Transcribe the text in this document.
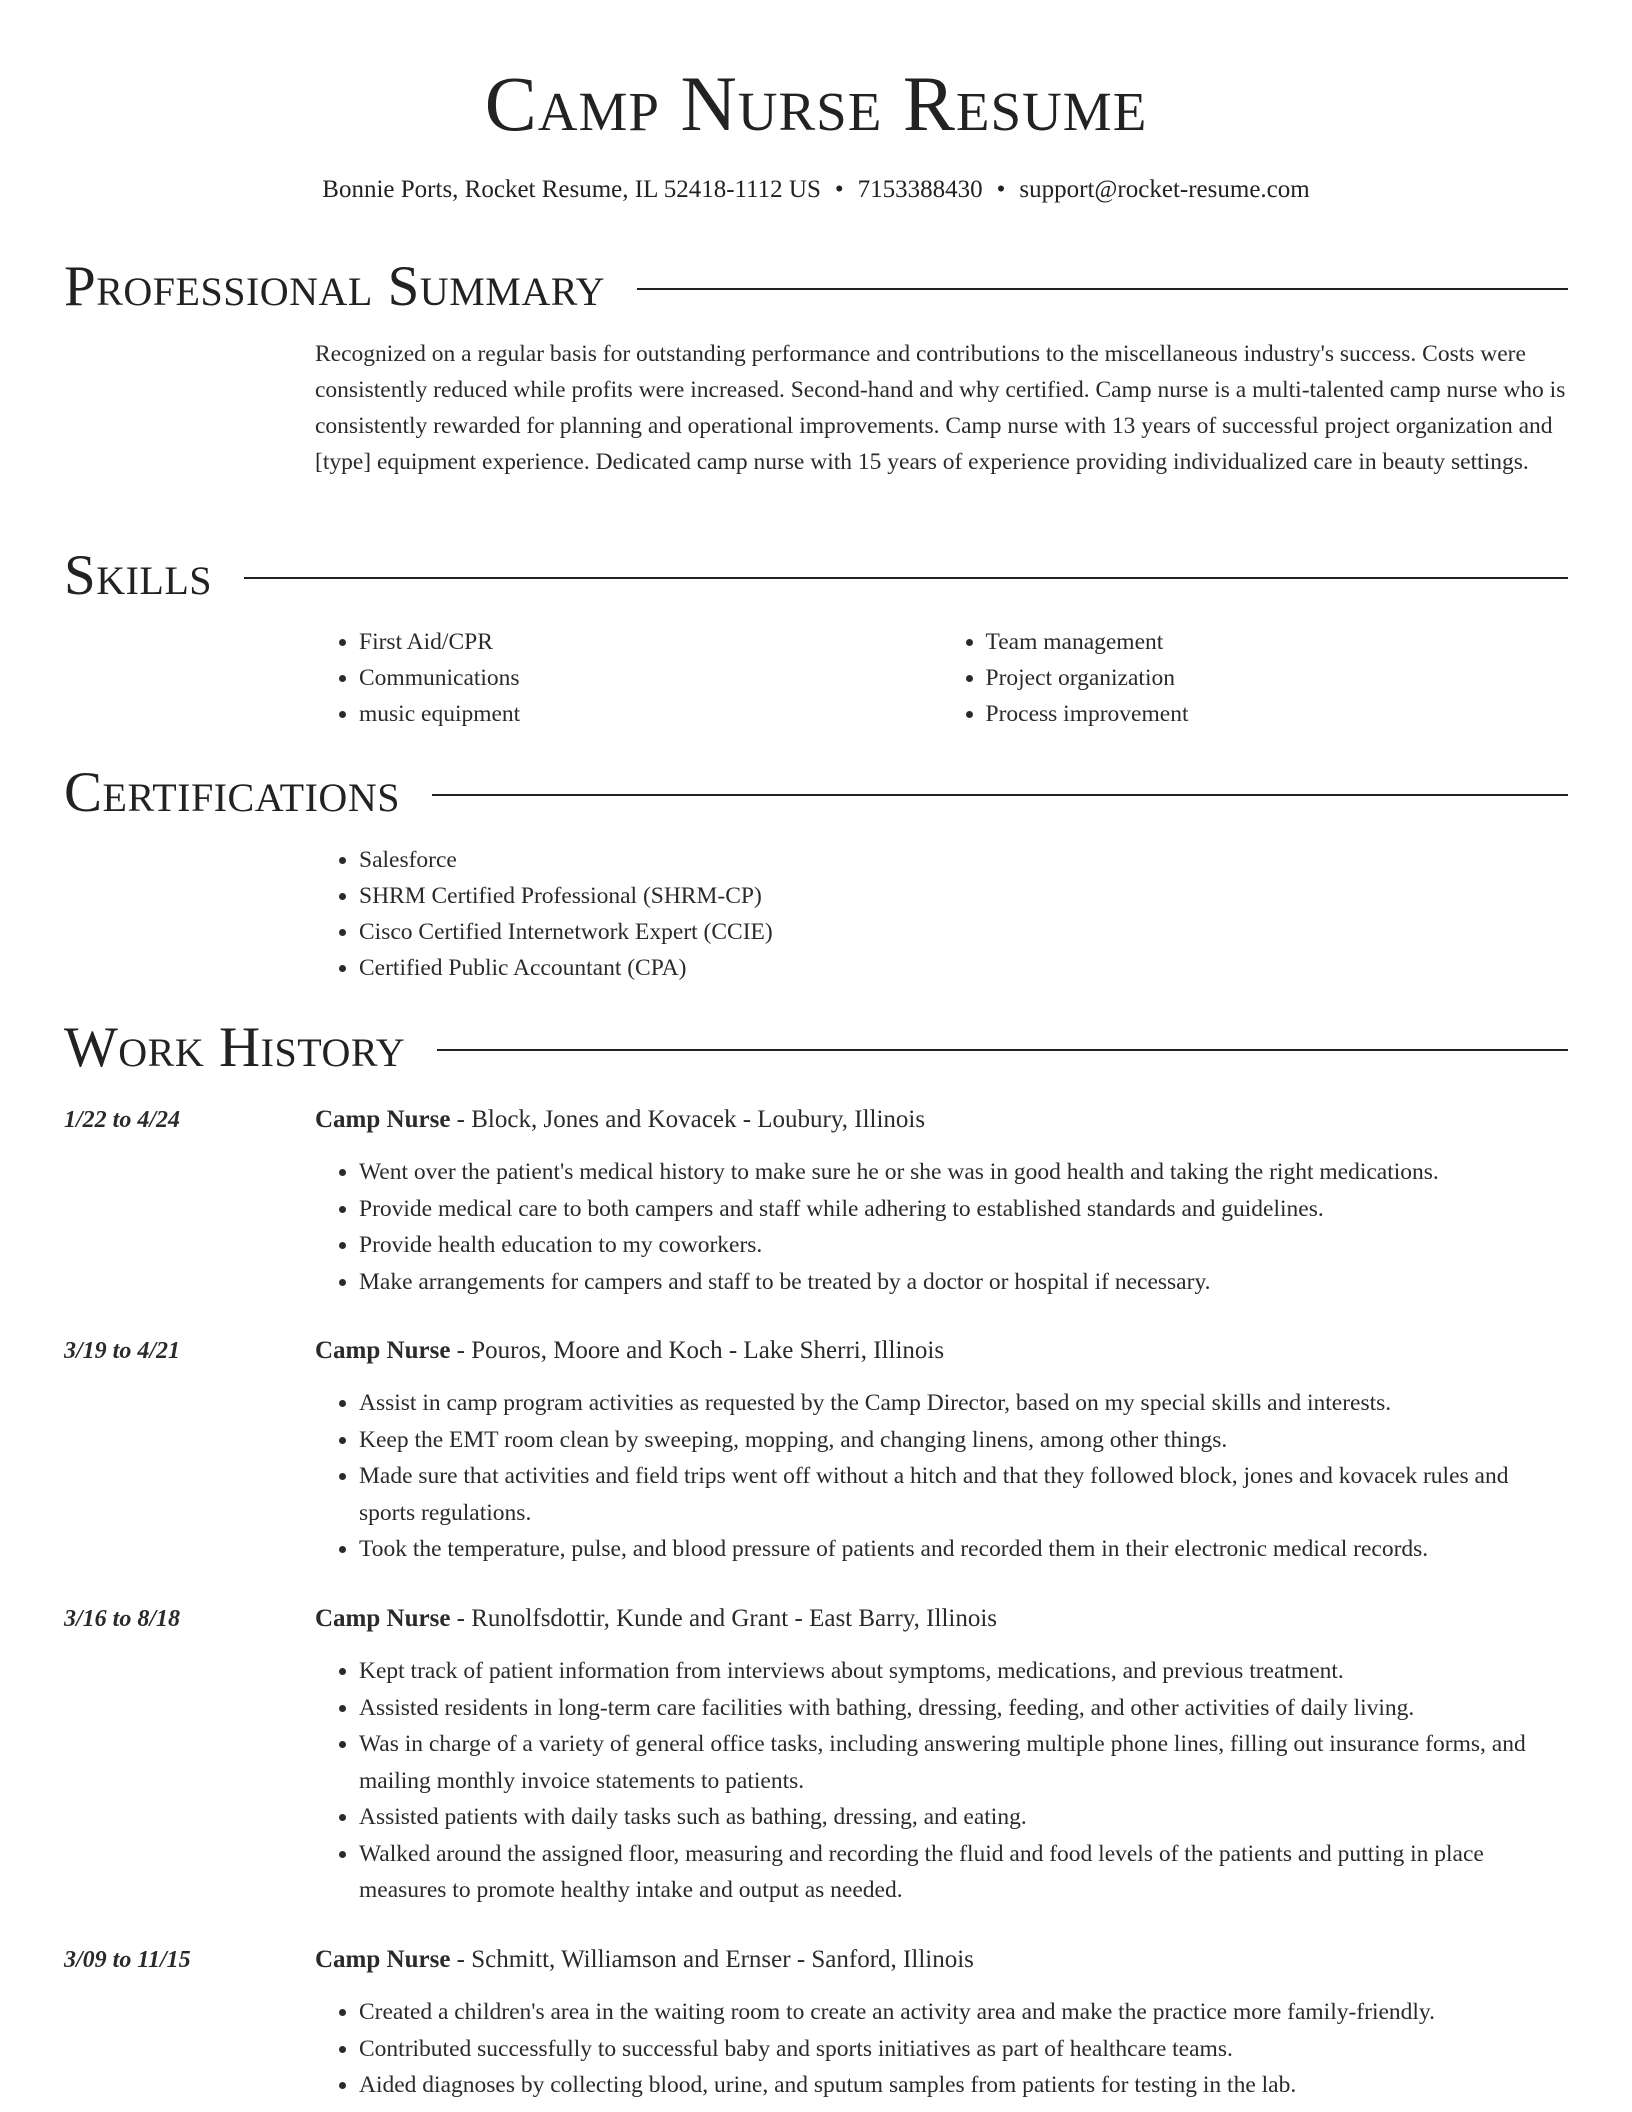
Camp Nurse Resume
Bonnie Ports, Rocket Resume, IL 52418-1112 US • 7153388430 • support@rocket-resume.com
Professional Summary

Recognized on a regular basis for outstanding performance and contributions to the miscellaneous industry's success. Costs were consistently reduced while profits were increased. Second-hand and why certified. Camp nurse is a multi-talented camp nurse who is consistently rewarded for planning and operational improvements. Camp nurse with 13 years of successful project organization and [type] equipment experience. Dedicated camp nurse with 15 years of experience providing individualized care in beauty settings.

Skills
• First Aid/CPR
• Communications
• music equipment
• Team management
• Project organization
• Process improvement
Certifications
• Salesforce
• SHRM Certified Professional (SHRM-CP)
• Cisco Certified Internetwork Expert (CCIE)
• Certified Public Accountant (CPA)
Work History
1/22 to 4/24	Camp Nurse - Block, Jones and Kovacek - Loubury, Illinois
• Went over the patient's medical history to make sure he or she was in good health and taking the right medications.
• Provide medical care to both campers and staff while adhering to established standards and guidelines.
• Provide health education to my coworkers.
• Make arrangements for campers and staff to be treated by a doctor or hospital if necessary.
3/19 to 4/21	Camp Nurse - Pouros, Moore and Koch - Lake Sherri, Illinois
• Assist in camp program activities as requested by the Camp Director, based on my special skills and interests.
• Keep the EMT room clean by sweeping, mopping, and changing linens, among other things.
• Made sure that activities and field trips went off without a hitch and that they followed block, jones and kovacek rules and sports regulations.
• Took the temperature, pulse, and blood pressure of patients and recorded them in their electronic medical records.
3/16 to 8/18	Camp Nurse - Runolfsdottir, Kunde and Grant - East Barry, Illinois
• Kept track of patient information from interviews about symptoms, medications, and previous treatment.
• Assisted residents in long-term care facilities with bathing, dressing, feeding, and other activities of daily living.
• Was in charge of a variety of general office tasks, including answering multiple phone lines, filling out insurance forms, and mailing monthly invoice statements to patients.
• Assisted patients with daily tasks such as bathing, dressing, and eating.
• Walked around the assigned floor, measuring and recording the fluid and food levels of the patients and putting in place measures to promote healthy intake and output as needed.
3/09 to 11/15	Camp Nurse - Schmitt, Williamson and Ernser - Sanford, Illinois
• Created a children's area in the waiting room to create an activity area and make the practice more family-friendly.
• Contributed successfully to successful baby and sports initiatives as part of healthcare teams.
• Aided diagnoses by collecting blood, urine, and sputum samples from patients for testing in the lab.
